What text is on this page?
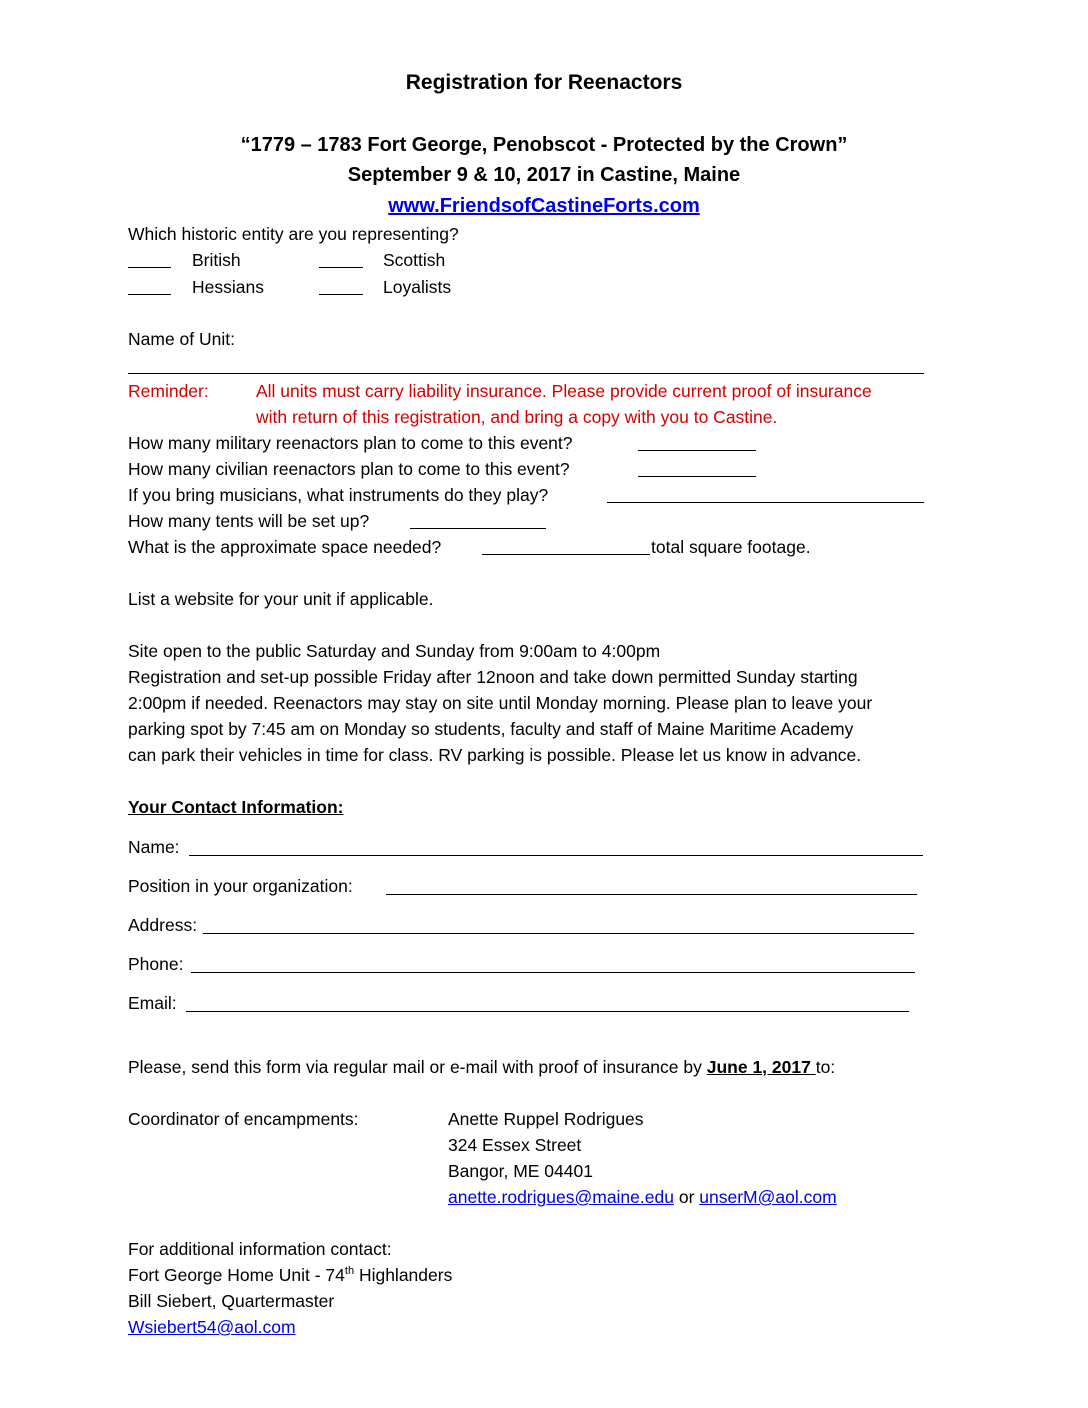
Registration for Reenactors
“1779 – 1783 Fort George, Penobscot - Protected by the Crown”
September 9 & 10, 2017 in Castine, Maine
www.FriendsofCastineForts.com
Which historic entity are you representing?
British	Scottish
Hessians	Loyalists
Name of Unit:
Reminder:	All units must carry liability insurance. Please provide current proof of insurance
with return of this registration, and bring a copy with you to Castine.
How many military reenactors plan to come to this event?
How many civilian reenactors plan to come to this event?
If you bring musicians, what instruments do they play?
How many tents will be set up?
What is the approximate space needed?	total square footage.
List a website for your unit if applicable.
Site open to the public Saturday and Sunday from 9:00am to 4:00pm
Registration and set-up possible Friday after 12noon and take down permitted Sunday starting
2:00pm if needed. Reenactors may stay on site until Monday morning. Please plan to leave your
parking spot by 7:45 am on Monday so students, faculty and staff of Maine Maritime Academy
can park their vehicles in time for class. RV parking is possible. Please let us know in advance.
Your Contact Information:
Name:
Position in your organization:
Address:
Phone:
Email:
Please, send this form via regular mail or e-mail with proof of insurance by June 1, 2017 to:
Coordinator of encampments:	Anette Ruppel Rodrigues
324 Essex Street
Bangor, ME 04401
anette.rodrigues@maine.edu or unserM@aol.com
For additional information contact:
Fort George Home Unit - 74th Highlanders
Bill Siebert, Quartermaster
Wsiebert54@aol.com
